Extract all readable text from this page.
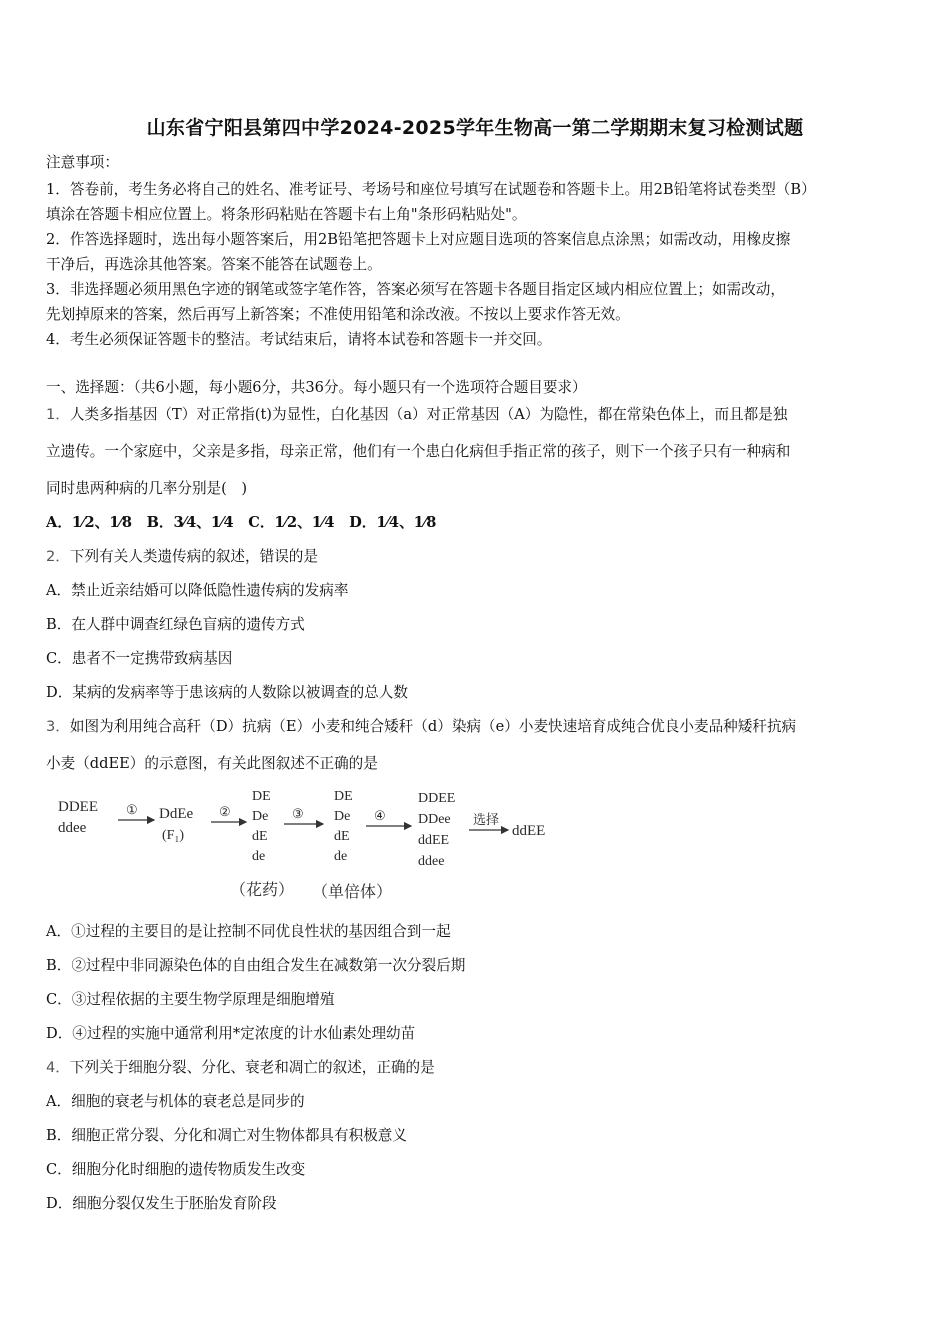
山东省宁阳县第四中学2024-2025学年生物高一第二学期期末复习检测试题
注意事项：
1．答卷前，考生务必将自己的姓名、准考证号、考场号和座位号填写在试题卷和答题卡上。用2B铅笔将试卷类型（B）
填涂在答题卡相应位置上。将条形码粘贴在答题卡右上角"条形码粘贴处"。
2．作答选择题时，选出每小题答案后，用2B铅笔把答题卡上对应题目选项的答案信息点涂黑；如需改动，用橡皮擦
干净后，再选涂其他答案。答案不能答在试题卷上。
3．非选择题必须用黑色字迹的钢笔或签字笔作答，答案必须写在答题卡各题目指定区域内相应位置上；如需改动，
先划掉原来的答案，然后再写上新答案；不准使用铅笔和涂改液。不按以上要求作答无效。
4．考生必须保证答题卡的整洁。考试结束后，请将本试卷和答题卡一并交回。
一、选择题：（共6小题，每小题6分，共36分。每小题只有一个选项符合题目要求）
1．人类多指基因（T）对正常指(t)为显性，白化基因（a）对正常基因（A）为隐性，都在常染色体上，而且都是独
立遗传。一个家庭中，父亲是多指，母亲正常，他们有一个患白化病但手指正常的孩子，则下一个孩子只有一种病和
同时患两种病的几率分别是(　)
A．1⁄2、1⁄8　B．3⁄4、1⁄4　C．1⁄2、1⁄4　D．1⁄4、1⁄8
2．下列有关人类遗传病的叙述，错误的是
A．禁止近亲结婚可以降低隐性遗传病的发病率
B．在人群中调查红绿色盲病的遗传方式
C．患者不一定携带致病基因
D．某病的发病率等于患该病的人数除以被调查的总人数
3．如图为利用纯合高秆（D）抗病（E）小麦和纯合矮秆（d）染病（e）小麦快速培育成纯合优良小麦品种矮秆抗病
小麦（ddEE）的示意图，有关此图叙述不正确的是
DDEE
ddee
① DdEe
(F₁)
②
DE
De
dE
de
③
DE
De
dE
de
④
DDEE
DDee
ddEE
ddee
选择
ddEE
（花药） （单倍体）
A．①过程的主要目的是让控制不同优良性状的基因组合到一起
B．②过程中非同源染色体的自由组合发生在减数第一次分裂后期
C．③过程依据的主要生物学原理是细胞增殖
D．④过程的实施中通常利用*定浓度的计水仙素处理幼苗
4．下列关于细胞分裂、分化、衰老和凋亡的叙述，正确的是
A．细胞的衰老与机体的衰老总是同步的
B．细胞正常分裂、分化和凋亡对生物体都具有积极意义
C．细胞分化时细胞的遗传物质发生改变
D．细胞分裂仅发生于胚胎发育阶段
